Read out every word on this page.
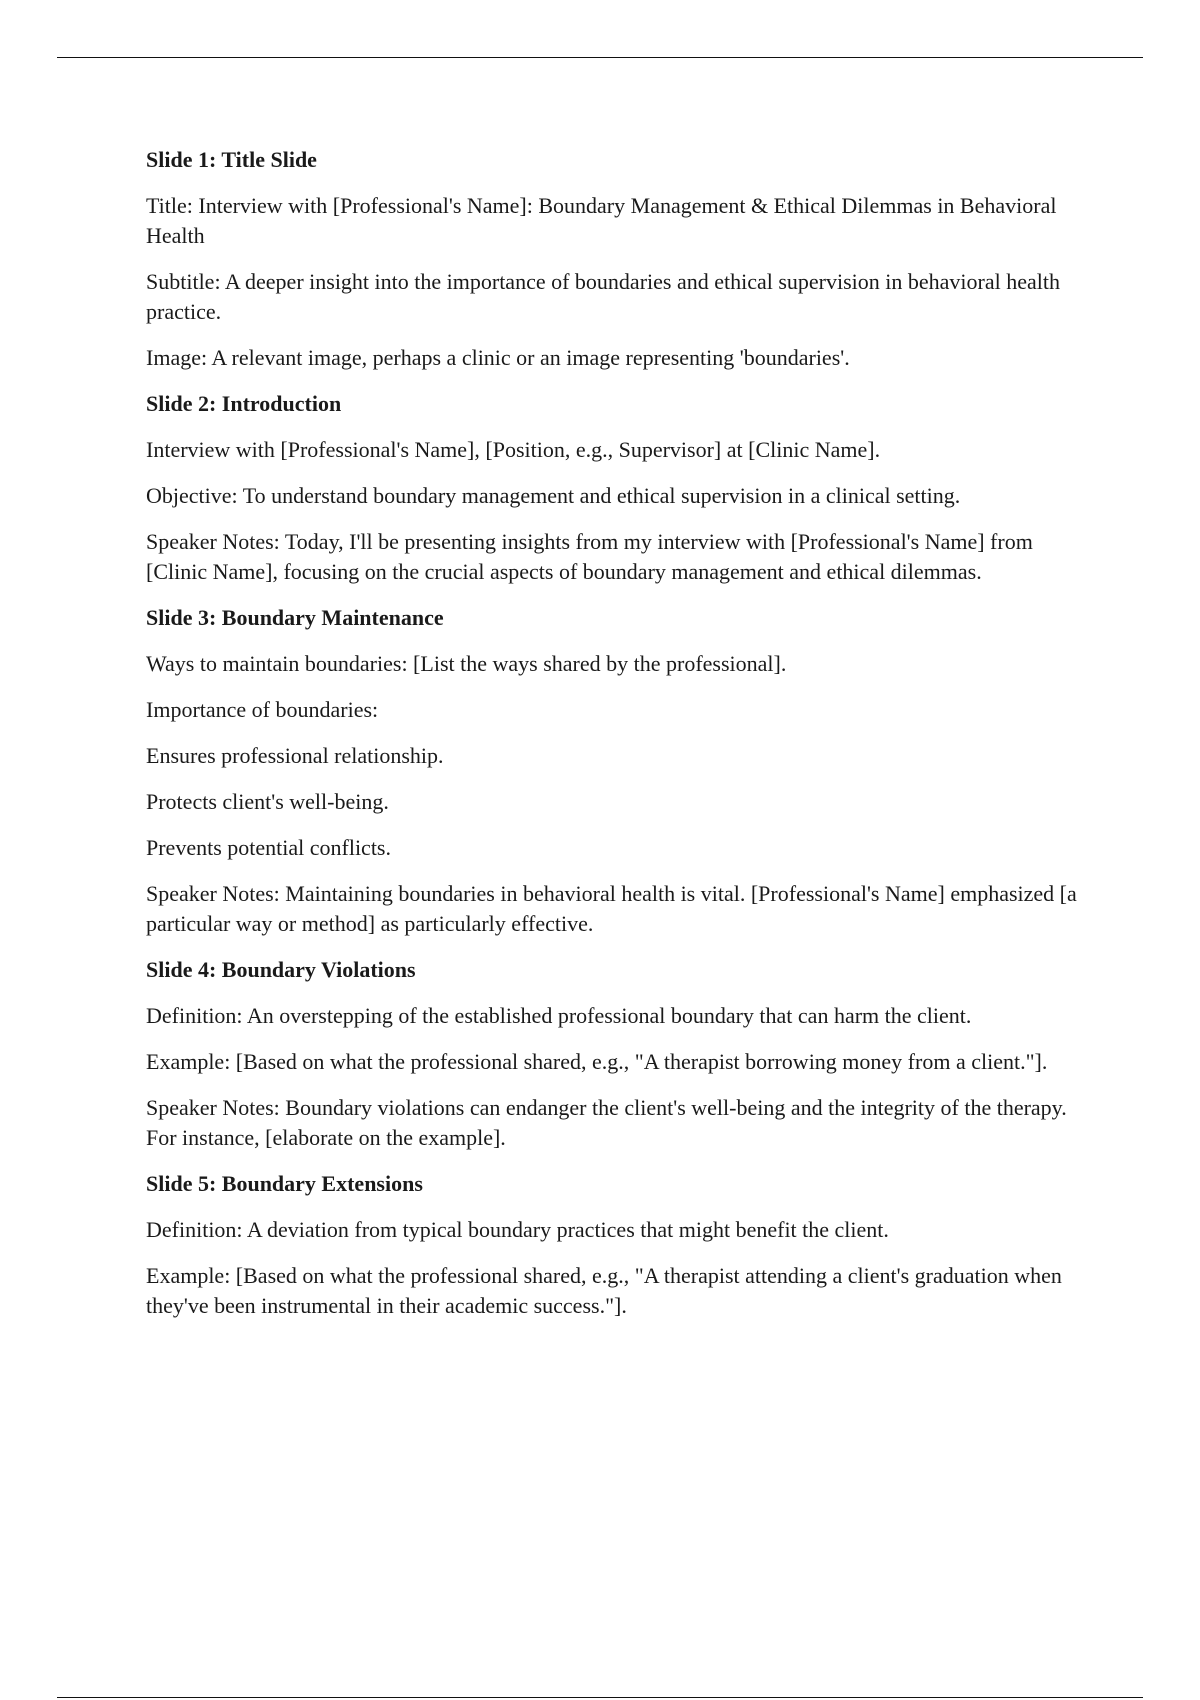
Slide 1: Title Slide

Title: Interview with [Professional's Name]: Boundary Management & Ethical Dilemmas in Behavioral Health

Subtitle: A deeper insight into the importance of boundaries and ethical supervision in behavioral health practice.

Image: A relevant image, perhaps a clinic or an image representing 'boundaries'.

Slide 2: Introduction

Interview with [Professional's Name], [Position, e.g., Supervisor] at [Clinic Name].

Objective: To understand boundary management and ethical supervision in a clinical setting.

Speaker Notes: Today, I'll be presenting insights from my interview with [Professional's Name] from [Clinic Name], focusing on the crucial aspects of boundary management and ethical dilemmas.

Slide 3: Boundary Maintenance

Ways to maintain boundaries: [List the ways shared by the professional].

Importance of boundaries:

Ensures professional relationship.

Protects client's well-being.

Prevents potential conflicts.

Speaker Notes: Maintaining boundaries in behavioral health is vital. [Professional's Name] emphasized [a particular way or method] as particularly effective.

Slide 4: Boundary Violations

Definition: An overstepping of the established professional boundary that can harm the client.

Example: [Based on what the professional shared, e.g., "A therapist borrowing money from a client."].

Speaker Notes: Boundary violations can endanger the client's well-being and the integrity of the therapy. For instance, [elaborate on the example].

Slide 5: Boundary Extensions

Definition: A deviation from typical boundary practices that might benefit the client.

Example: [Based on what the professional shared, e.g., "A therapist attending a client's graduation when they've been instrumental in their academic success."].
